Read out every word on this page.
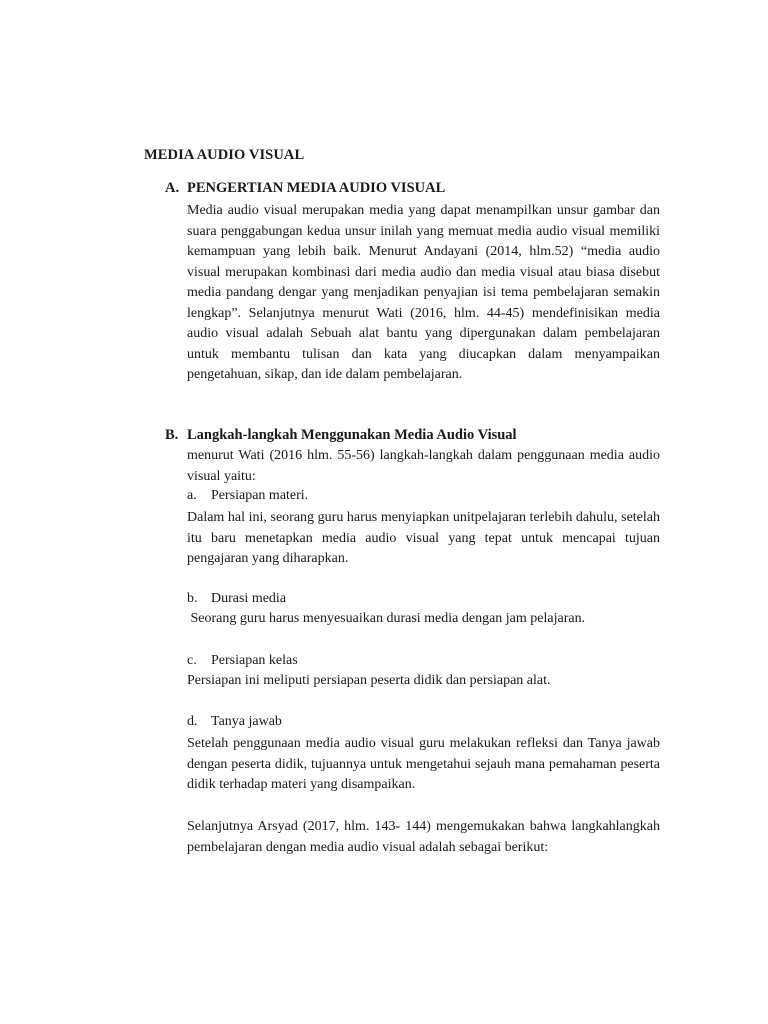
MEDIA AUDIO VISUAL
A. PENGERTIAN MEDIA AUDIO VISUAL
Media audio visual merupakan media yang dapat menampilkan unsur gambar dan suara penggabungan kedua unsur inilah yang memuat media audio visual memiliki kemampuan yang lebih baik. Menurut Andayani (2014, hlm.52) “media audio visual merupakan kombinasi dari media audio dan media visual atau biasa disebut media pandang dengar yang menjadikan penyajian isi tema pembelajaran semakin lengkap”. Selanjutnya menurut Wati (2016, hlm. 44-45) mendefinisikan media audio visual adalah Sebuah alat bantu yang dipergunakan dalam pembelajaran untuk membantu tulisan dan kata yang diucapkan dalam menyampaikan pengetahuan, sikap, dan ide dalam pembelajaran.
B. Langkah-langkah Menggunakan Media Audio Visual
menurut Wati (2016 hlm. 55-56) langkah-langkah dalam penggunaan media audio visual yaitu:
a. Persiapan materi.
Dalam hal ini, seorang guru harus menyiapkan unitpelajaran terlebih dahulu, setelah itu baru menetapkan media audio visual yang tepat untuk mencapai tujuan pengajaran yang diharapkan.
b. Durasi media
Seorang guru harus menyesuaikan durasi media dengan jam pelajaran.
c. Persiapan kelas
Persiapan ini meliputi persiapan peserta didik dan persiapan alat.
d. Tanya jawab
Setelah penggunaan media audio visual guru melakukan refleksi dan Tanya jawab dengan peserta didik, tujuannya untuk mengetahui sejauh mana pemahaman peserta didik terhadap materi yang disampaikan.
Selanjutnya Arsyad (2017, hlm. 143- 144) mengemukakan bahwa langkahlangkah pembelajaran dengan media audio visual adalah sebagai berikut:
